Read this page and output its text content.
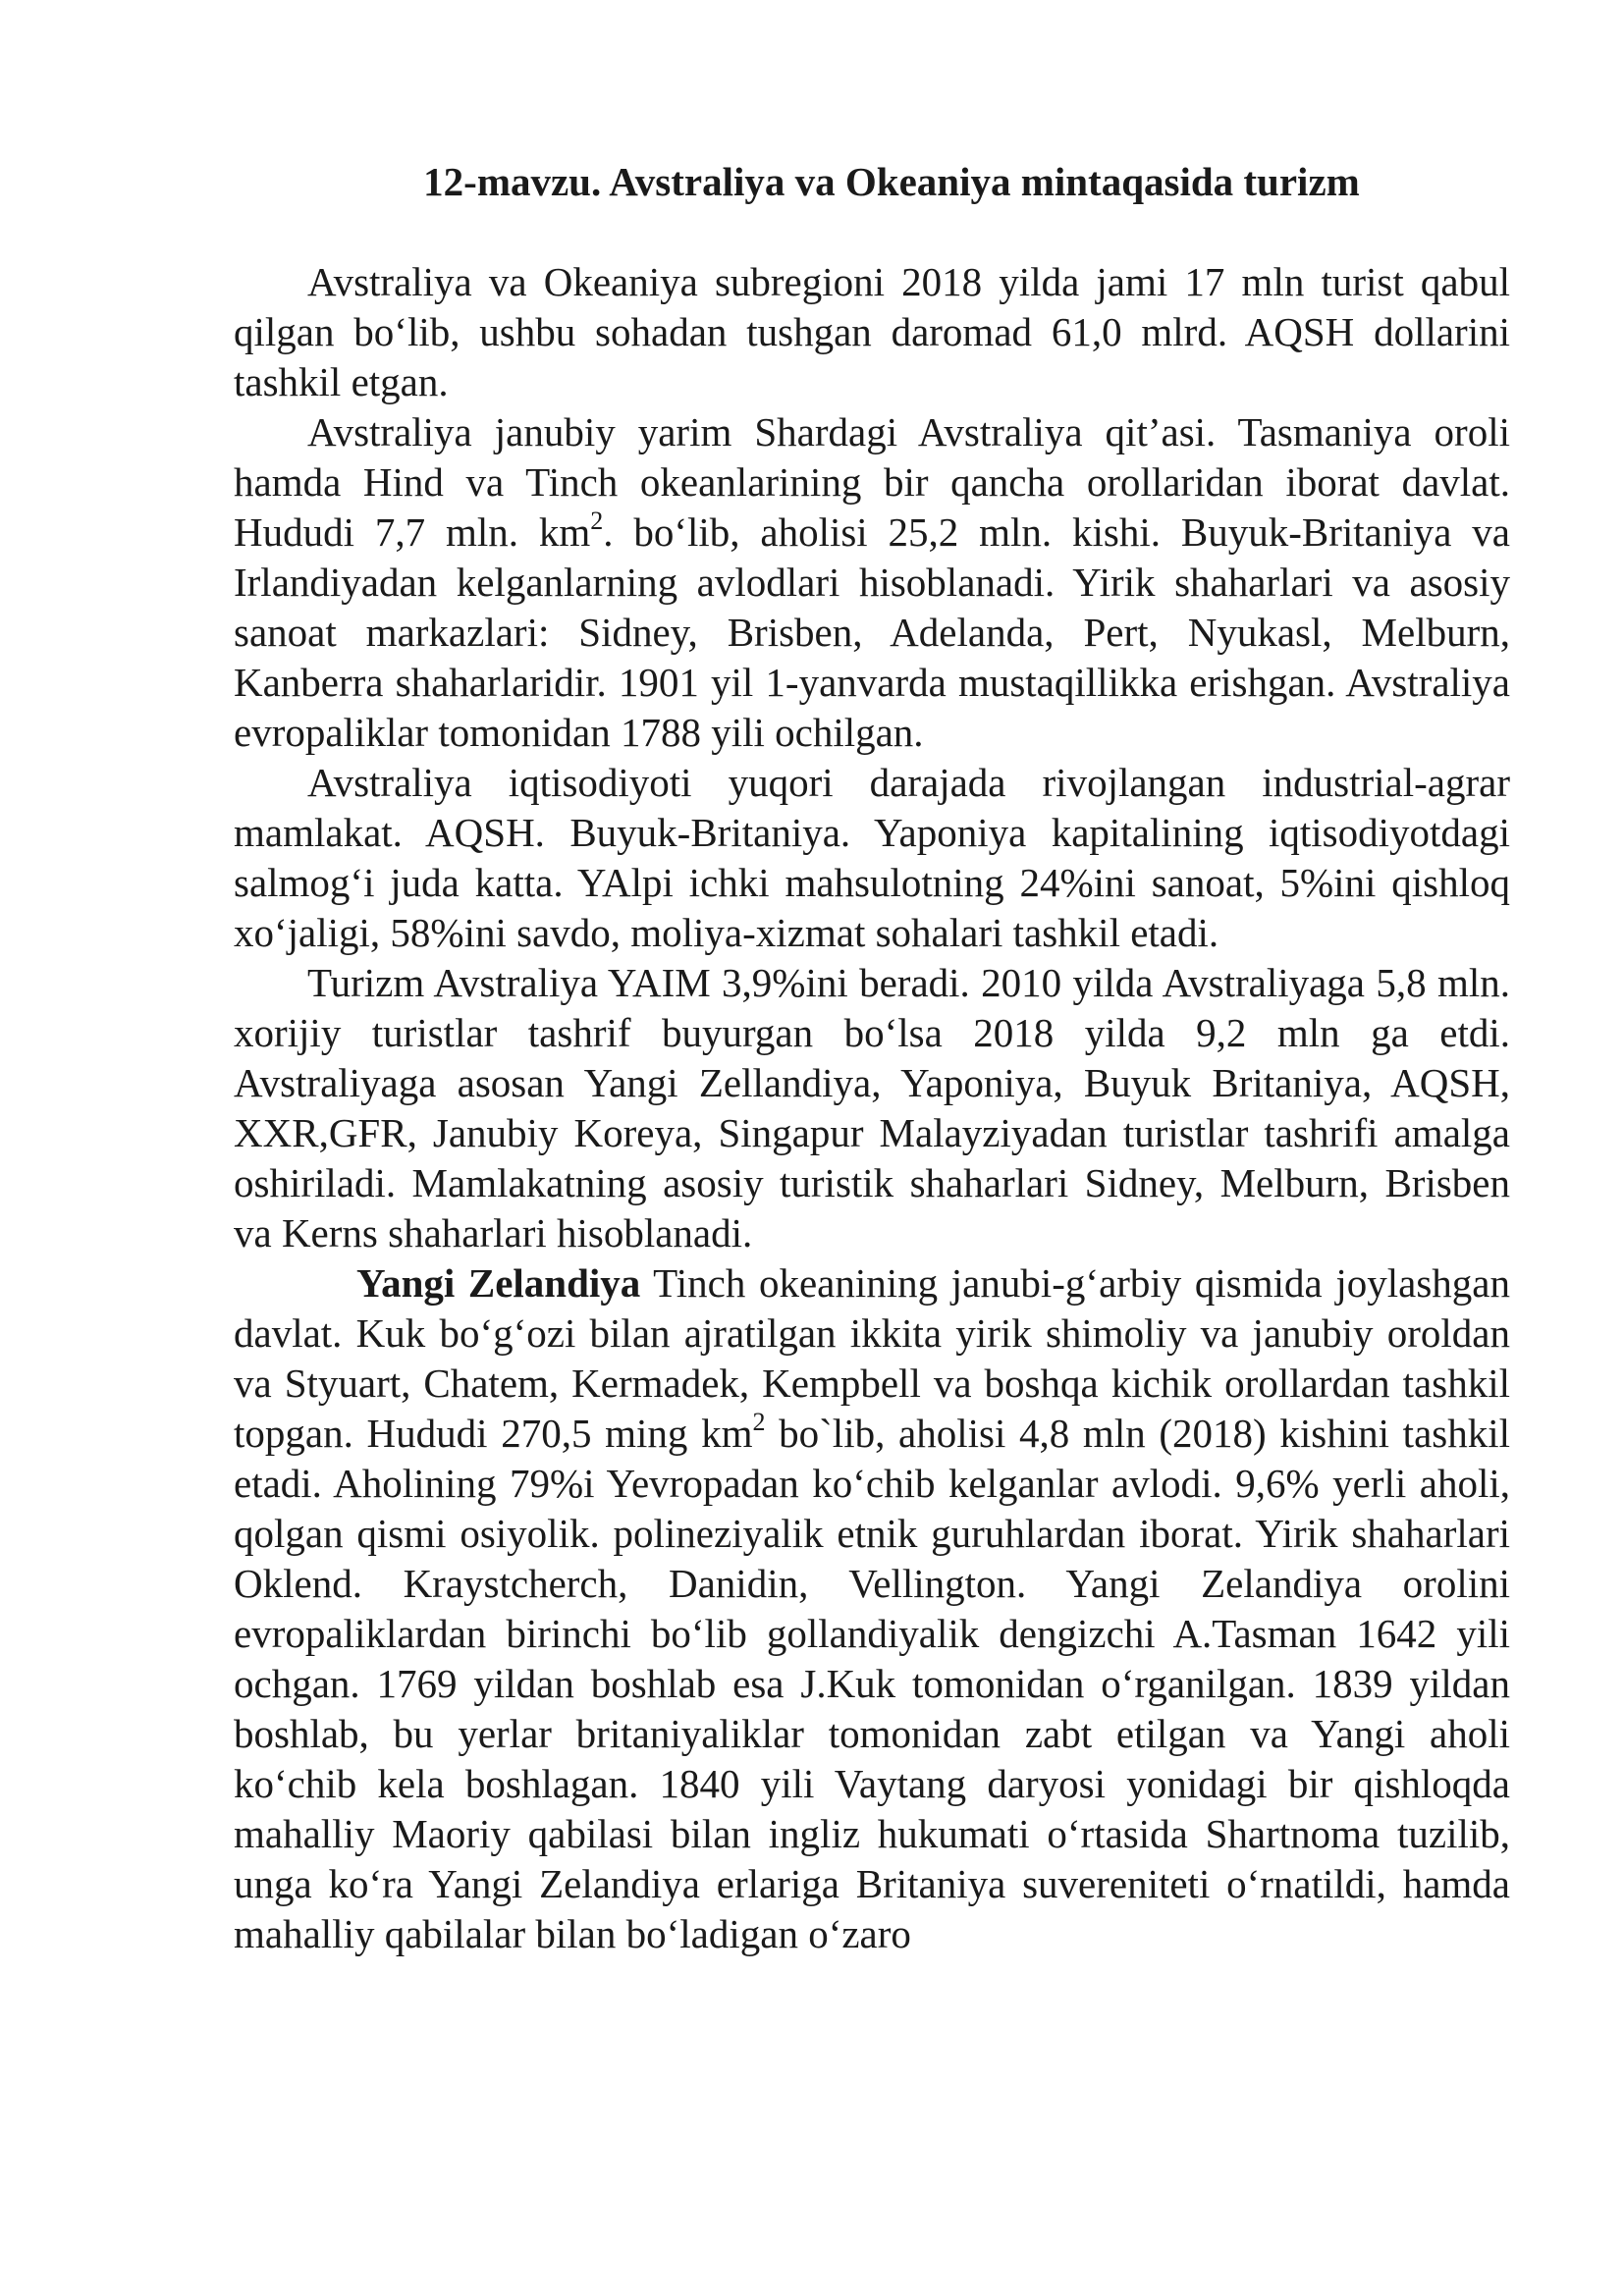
12-mavzu. Avstraliya va Okeaniya mintaqasida turizm

Avstraliya va Okeaniya subregioni 2018 yilda jami 17 mln turist qabul qilgan bo‘lib, ushbu sohadan tushgan daromad 61,0 mlrd. AQSH dollarini tashkil etgan.

Avstraliya janubiy yarim Shardagi Avstraliya qit’asi. Tasmaniya oroli hamda Hind va Tinch okeanlarining bir qancha orollaridan iborat davlat. Hududi 7,7 mln. $km^2$. bo‘lib, aholisi 25,2 mln. kishi. Buyuk-Britaniya va Irlandiyadan kelganlarning avlodlari hisoblanadi. Yirik shaharlari va asosiy sanoat markazlari: Sidney, Brisben, Adelanda, Pert, Nyukasl, Melburn, Kanberra shaharlaridir. 1901 yil 1-yanvarda mustaqillikka erishgan. Avstraliya evropaliklar tomonidan 1788 yili ochilgan.

Avstraliya iqtisodiyoti yuqori darajada rivojlangan industrial-agrar mamlakat. AQSH. Buyuk-Britaniya. Yaponiya kapitalining iqtisodiyotdagi salmog‘i juda katta. YAlpi ichki mahsulotning 24%ini sanoat, 5%ini qishloq xo‘jaligi, 58%ini savdo, moliya-xizmat sohalari tashkil etadi.

Turizm Avstraliya YAIM 3,9%ini beradi. 2010 yilda Avstraliyaga 5,8 mln. xorijiy turistlar tashrif buyurgan bo‘lsa 2018 yilda 9,2 mln ga etdi. Avstraliyaga asosan Yangi Zellandiya, Yaponiya, Buyuk Britaniya, AQSH, XXR,GFR, Janubiy Koreya, Singapur Malayziyadan turistlar tashrifi amalga oshiriladi. Mamlakatning asosiy turistik shaharlari Sidney, Melburn, Brisben va Kerns shaharlari hisoblanadi.

Yangi Zelandiya Tinch okeanining janubi-g‘arbiy qismida joylashgan davlat. Kuk bo‘g‘ozi bilan ajratilgan ikkita yirik shimoliy va janubiy oroldan va Styuart, Chatem, Kermadek, Kempbell va boshqa kichik orollardan tashkil topgan. Hududi 270,5 ming $km^2$ bo`lib, aholisi 4,8 mln (2018) kishini tashkil etadi. Aholining 79%i Yevropadan ko‘chib kelganlar avlodi. 9,6% yerli aholi, qolgan qismi osiyolik. polineziyalik etnik guruhlardan iborat. Yirik shaharlari Oklend. Kraystcherch, Danidin, Vellington. Yangi Zelandiya orolini evropaliklardan birinchi bo‘lib gollandiyalik dengizchi A.Tasman 1642 yili ochgan. 1769 yildan boshlab esa J.Kuk tomonidan o‘rganilgan. 1839 yildan boshlab, bu yerlar britaniyaliklar tomonidan zabt etilgan va Yangi aholi ko‘chib kela boshlagan. 1840 yili Vaytang daryosi yonidagi bir qishloqda mahalliy Maoriy qabilasi bilan ingliz hukumati o‘rtasida Shartnoma tuzilib, unga ko‘ra Yangi Zelandiya erlariga Britaniya suvereniteti o‘rnatildi, hamda mahalliy qabilalar bilan bo‘ladigan o‘zaro
